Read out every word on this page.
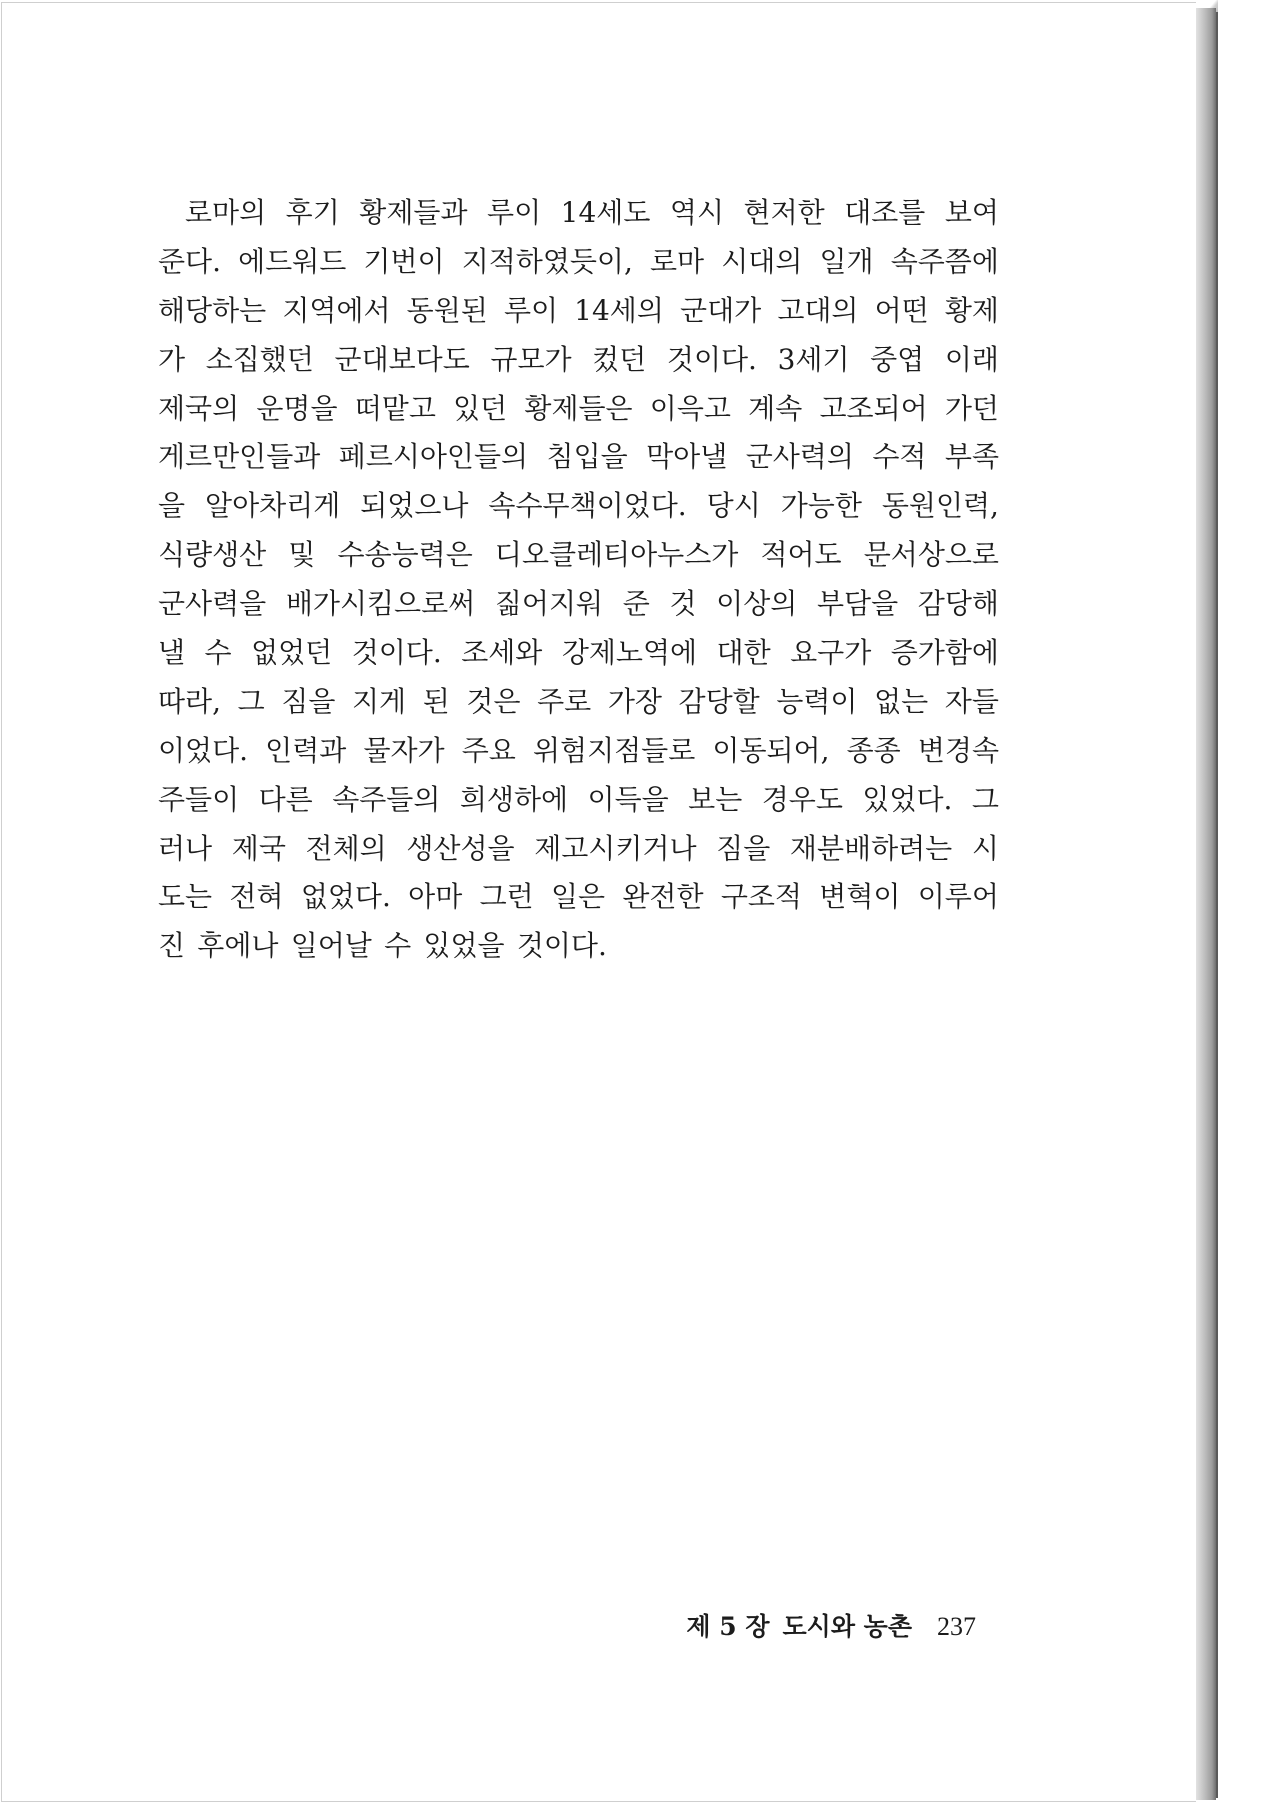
로마의 후기 황제들과 루이 14세도 역시 현저한 대조를 보여
준다. 에드워드 기번이 지적하였듯이, 로마 시대의 일개 속주쯤에
해당하는 지역에서 동원된 루이 14세의 군대가 고대의 어떤 황제
가 소집했던 군대보다도 규모가 컸던 것이다. 3세기 중엽 이래
제국의 운명을 떠맡고 있던 황제들은 이윽고 계속 고조되어 가던
게르만인들과 페르시아인들의 침입을 막아낼 군사력의 수적 부족
을 알아차리게 되었으나 속수무책이었다. 당시 가능한 동원인력,
식량생산 및 수송능력은 디오클레티아누스가 적어도 문서상으로
군사력을 배가시킴으로써 짊어지워 준 것 이상의 부담을 감당해
낼 수 없었던 것이다. 조세와 강제노역에 대한 요구가 증가함에
따라, 그 짐을 지게 된 것은 주로 가장 감당할 능력이 없는 자들
이었다. 인력과 물자가 주요 위험지점들로 이동되어, 종종 변경속
주들이 다른 속주들의 희생하에 이득을 보는 경우도 있었다. 그
러나 제국 전체의 생산성을 제고시키거나 짐을 재분배하려는 시
도는 전혀 없었다. 아마 그런 일은 완전한 구조적 변혁이 이루어
진 후에나 일어날 수 있었을 것이다.
제 5 장 도시와 농촌 237
